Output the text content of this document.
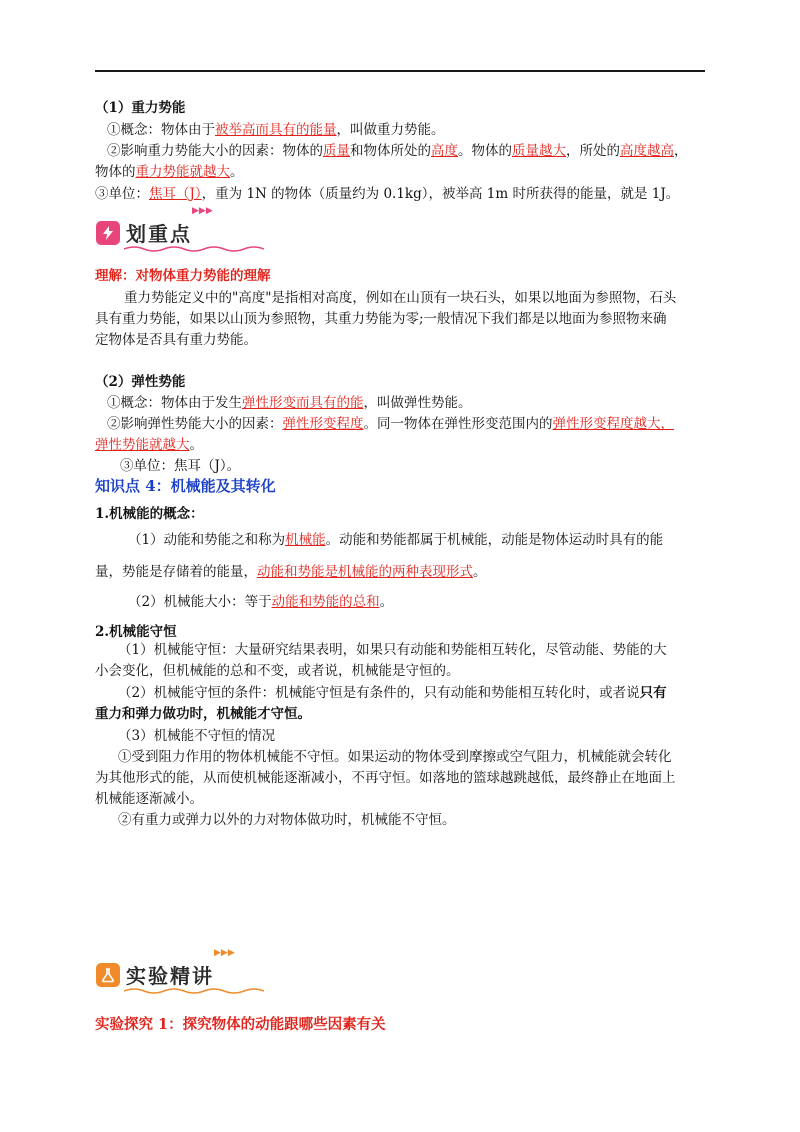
（1）重力势能
①概念：物体由于被举高而具有的能量，叫做重力势能。
②影响重力势能大小的因素：物体的质量和物体所处的高度。物体的质量越大，所处的高度越高，
物体的重力势能就越大。
③单位：焦耳（J），重为 1N 的物体（质量约为 0.1kg），被举高 1m 时所获得的能量，就是 1J。
划重点
▶▶▶
理解：对物体重力势能的理解
重力势能定义中的"高度"是指相对高度，例如在山顶有一块石头，如果以地面为参照物，石头
具有重力势能，如果以山顶为参照物，其重力势能为零;一般情况下我们都是以地面为参照物来确
定物体是否具有重力势能。
（2）弹性势能
①概念：物体由于发生弹性形变而具有的能，叫做弹性势能。
②影响弹性势能大小的因素：弹性形变程度。同一物体在弹性形变范围内的弹性形变程度越大，
弹性势能就越大。
③单位：焦耳（J）。
知识点 4：机械能及其转化
1.机械能的概念：
（1）动能和势能之和称为机械能。动能和势能都属于机械能，动能是物体运动时具有的能
量，势能是存储着的能量，动能和势能是机械能的两种表现形式。
（2）机械能大小：等于动能和势能的总和。
2.机械能守恒
（1）机械能守恒：大量研究结果表明，如果只有动能和势能相互转化，尽管动能、势能的大
小会变化，但机械能的总和不变，或者说，机械能是守恒的。
（2）机械能守恒的条件：机械能守恒是有条件的，只有动能和势能相互转化时，或者说只有
重力和弹力做功时，机械能才守恒。
（3）机械能不守恒的情况
①受到阻力作用的物体机械能不守恒。如果运动的物体受到摩擦或空气阻力，机械能就会转化
为其他形式的能，从而使机械能逐渐减小，不再守恒。如落地的篮球越跳越低，最终静止在地面上
机械能逐渐减小。
②有重力或弹力以外的力对物体做功时，机械能不守恒。
实验精讲
▶▶▶
实验探究 1：探究物体的动能跟哪些因素有关
